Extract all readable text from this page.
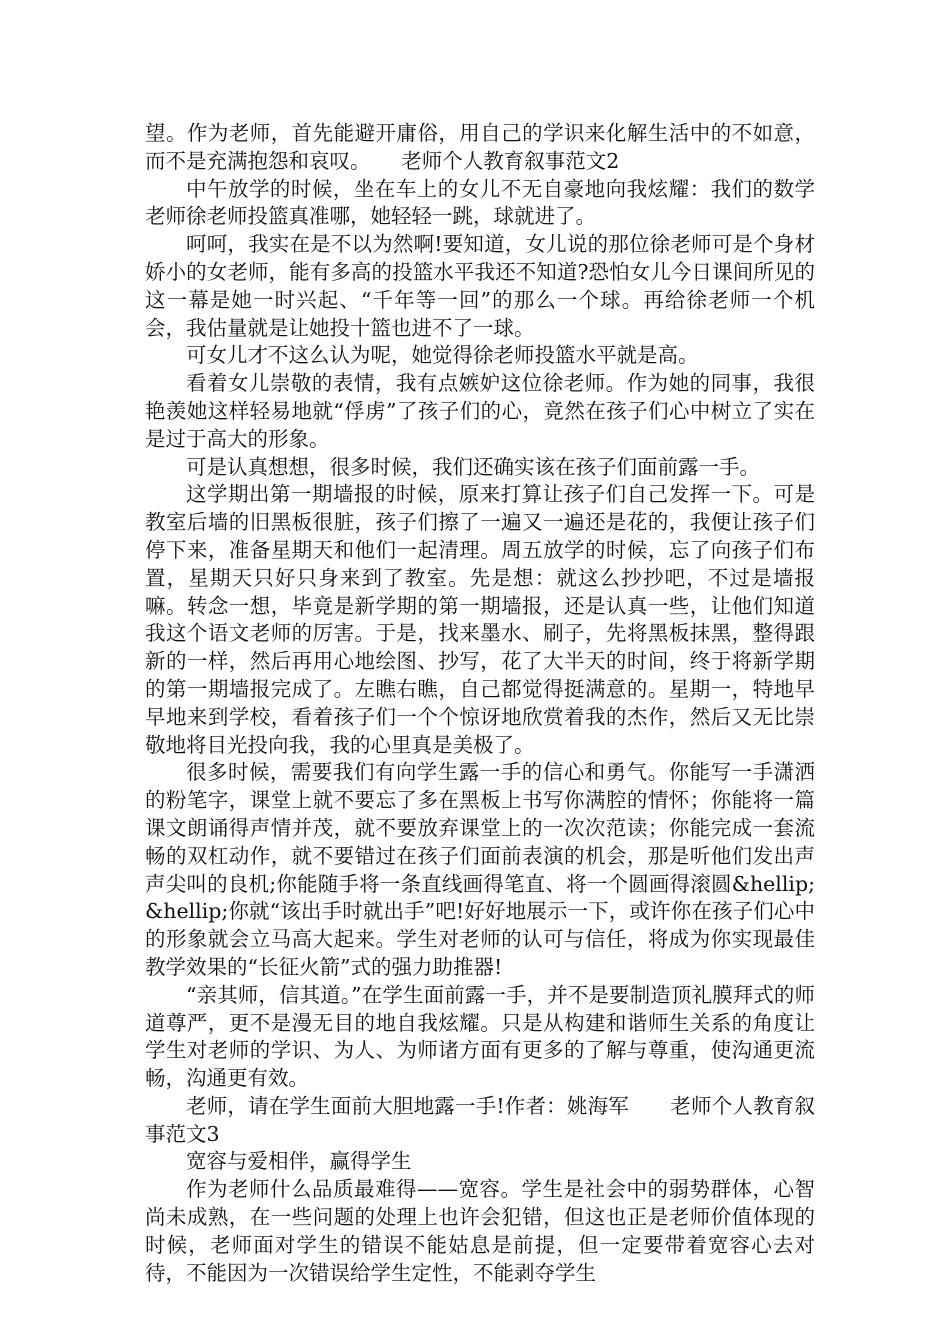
望。作为老师，首先能避开庸俗，用自己的学识来化解生活中的不如意，而不是充满抱怨和哀叹。　　老师个人教育叙事范文2

中午放学的时候，坐在车上的女儿不无自豪地向我炫耀：我们的数学老师徐老师投篮真准哪，她轻轻一跳，球就进了。

呵呵，我实在是不以为然啊!要知道，女儿说的那位徐老师可是个身材娇小的女老师，能有多高的投篮水平我还不知道?恐怕女儿今日课间所见的这一幕是她一时兴起、“千年等一回”的那么一个球。再给徐老师一个机会，我估量就是让她投十篮也进不了一球。

可女儿才不这么认为呢，她觉得徐老师投篮水平就是高。

看着女儿崇敬的表情，我有点嫉妒这位徐老师。作为她的同事，我很艳羡她这样轻易地就“俘虏”了孩子们的心，竟然在孩子们心中树立了实在是过于高大的形象。

可是认真想想，很多时候，我们还确实该在孩子们面前露一手。

这学期出第一期墙报的时候，原来打算让孩子们自己发挥一下。可是教室后墙的旧黑板很脏，孩子们擦了一遍又一遍还是花的，我便让孩子们停下来，准备星期天和他们一起清理。周五放学的时候，忘了向孩子们布置，星期天只好只身来到了教室。先是想：就这么抄抄吧，不过是墙报嘛。转念一想，毕竟是新学期的第一期墙报，还是认真一些，让他们知道我这个语文老师的厉害。于是，找来墨水、刷子，先将黑板抹黑，整得跟新的一样，然后再用心地绘图、抄写，花了大半天的时间，终于将新学期的第一期墙报完成了。左瞧右瞧，自己都觉得挺满意的。星期一，特地早早地来到学校，看着孩子们一个个惊讶地欣赏着我的杰作，然后又无比崇敬地将目光投向我，我的心里真是美极了。

很多时候，需要我们有向学生露一手的信心和勇气。你能写一手潇洒的粉笔字，课堂上就不要忘了多在黑板上书写你满腔的情怀；你能将一篇课文朗诵得声情并茂，就不要放弃课堂上的一次次范读；你能完成一套流畅的双杠动作，就不要错过在孩子们面前表演的机会，那是听他们发出声声尖叫的良机;你能随手将一条直线画得笔直、将一个圆画得滚圆&hellip;&hellip;你就“该出手时就出手”吧!好好地展示一下，或许你在孩子们心中的形象就会立马高大起来。学生对老师的认可与信任，将成为你实现最佳教学效果的“长征火箭”式的强力助推器!

“亲其师，信其道。”在学生面前露一手，并不是要制造顶礼膜拜式的师道尊严，更不是漫无目的地自我炫耀。只是从构建和谐师生关系的角度让学生对老师的学识、为人、为师诸方面有更多的了解与尊重，使沟通更流畅，沟通更有效。

老师，请在学生面前大胆地露一手!作者：姚海军　　老师个人教育叙事范文3

宽容与爱相伴，赢得学生

作为老师什么品质最难得——宽容。学生是社会中的弱势群体，心智尚未成熟，在一些问题的处理上也许会犯错，但这也正是老师价值体现的时候，老师面对学生的错误不能姑息是前提，但一定要带着宽容心去对待，不能因为一次错误给学生定性，不能剥夺学生
